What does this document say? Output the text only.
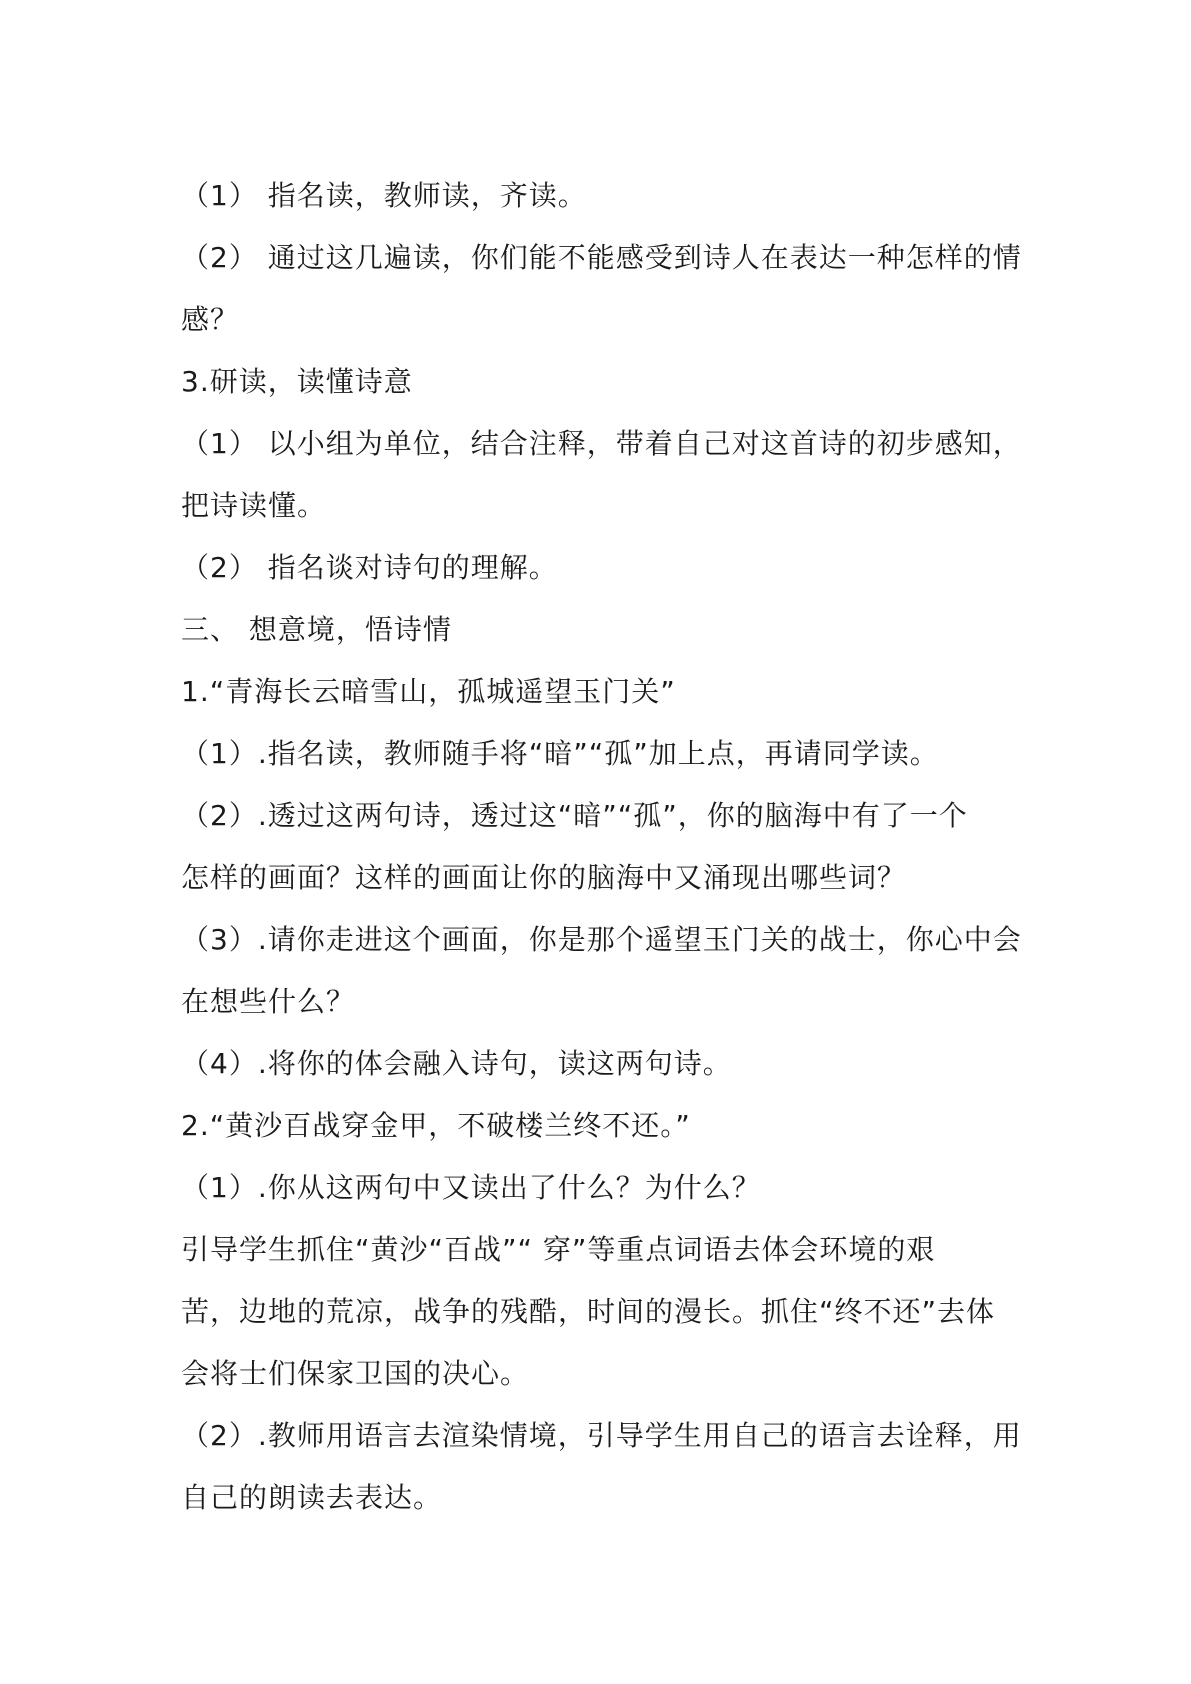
（1） 指名读，教师读，齐读。
（2） 通过这几遍读，你们能不能感受到诗人在表达一种怎样的情
感？
3.研读，读懂诗意
（1） 以小组为单位，结合注释，带着自己对这首诗的初步感知，
把诗读懂。
（2） 指名谈对诗句的理解。
三、 想意境，悟诗情
1.“青海长云暗雪山，孤城遥望玉门关”
（1）.指名读，教师随手将“暗”“孤”加上点，再请同学读。
（2）.透过这两句诗，透过这“暗”“孤”，你的脑海中有了一个
怎样的画面？这样的画面让你的脑海中又涌现出哪些词？
（3）.请你走进这个画面，你是那个遥望玉门关的战士，你心中会
在想些什么？
（4）.将你的体会融入诗句，读这两句诗。
2.“黄沙百战穿金甲，不破楼兰终不还。”
（1）.你从这两句中又读出了什么？为什么？
引导学生抓住“黄沙“百战”“ 穿”等重点词语去体会环境的艰
苦，边地的荒凉，战争的残酷，时间的漫长。抓住“终不还”去体
会将士们保家卫国的决心。
（2）.教师用语言去渲染情境，引导学生用自己的语言去诠释，用
自己的朗读去表达。
